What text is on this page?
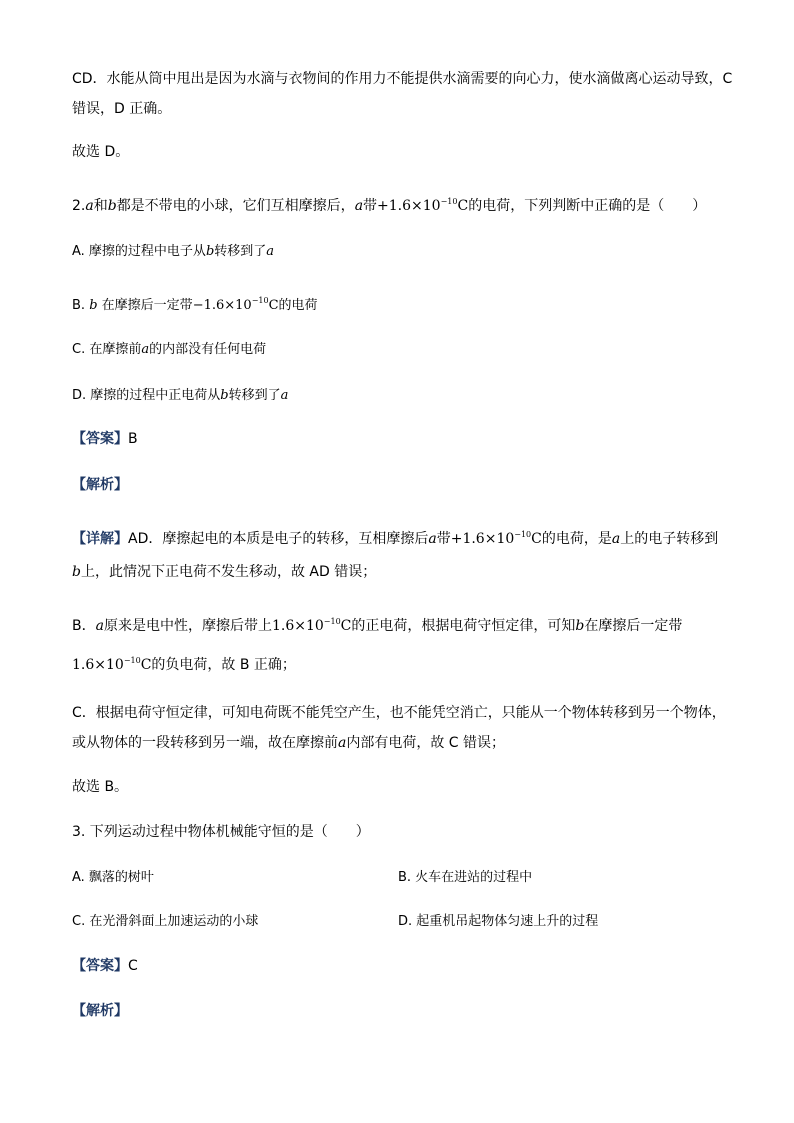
CD．水能从筒中甩出是因为水滴与衣物间的作用力不能提供水滴需要的向心力，使水滴做离心运动导致，C
错误，D 正确。
故选 D。
2.a和b都是不带电的小球，它们互相摩擦后，a带$+1.6\times 10^{-10}C$的电荷，下列判断中正确的是（　　）
A. 摩擦的过程中电子从b转移到了a
B. b 在摩擦后一定带$-1.6\times 10^{-10}C$的电荷
C. 在摩擦前a的内部没有任何电荷
D. 摩擦的过程中正电荷从b转移到了a
【答案】B
【解析】
【详解】AD．摩擦起电的本质是电子的转移，互相摩擦后a带$+1.6\times 10^{-10}C$的电荷，是a上的电子转移到
b上，此情况下正电荷不发生移动，故 AD 错误；
B．a原来是电中性，摩擦后带上$1.6\times 10^{-10}C$的正电荷，根据电荷守恒定律，可知b在摩擦后一定带
$1.6\times 10^{-10}C$的负电荷，故 B 正确；
C．根据电荷守恒定律，可知电荷既不能凭空产生，也不能凭空消亡，只能从一个物体转移到另一个物体，
或从物体的一段转移到另一端，故在摩擦前a内部有电荷，故 C 错误；
故选 B。
3. 下列运动过程中物体机械能守恒的是（　　）
A. 飘落的树叶	B. 火车在进站的过程中
C. 在光滑斜面上加速运动的小球	D. 起重机吊起物体匀速上升的过程
【答案】C
【解析】
